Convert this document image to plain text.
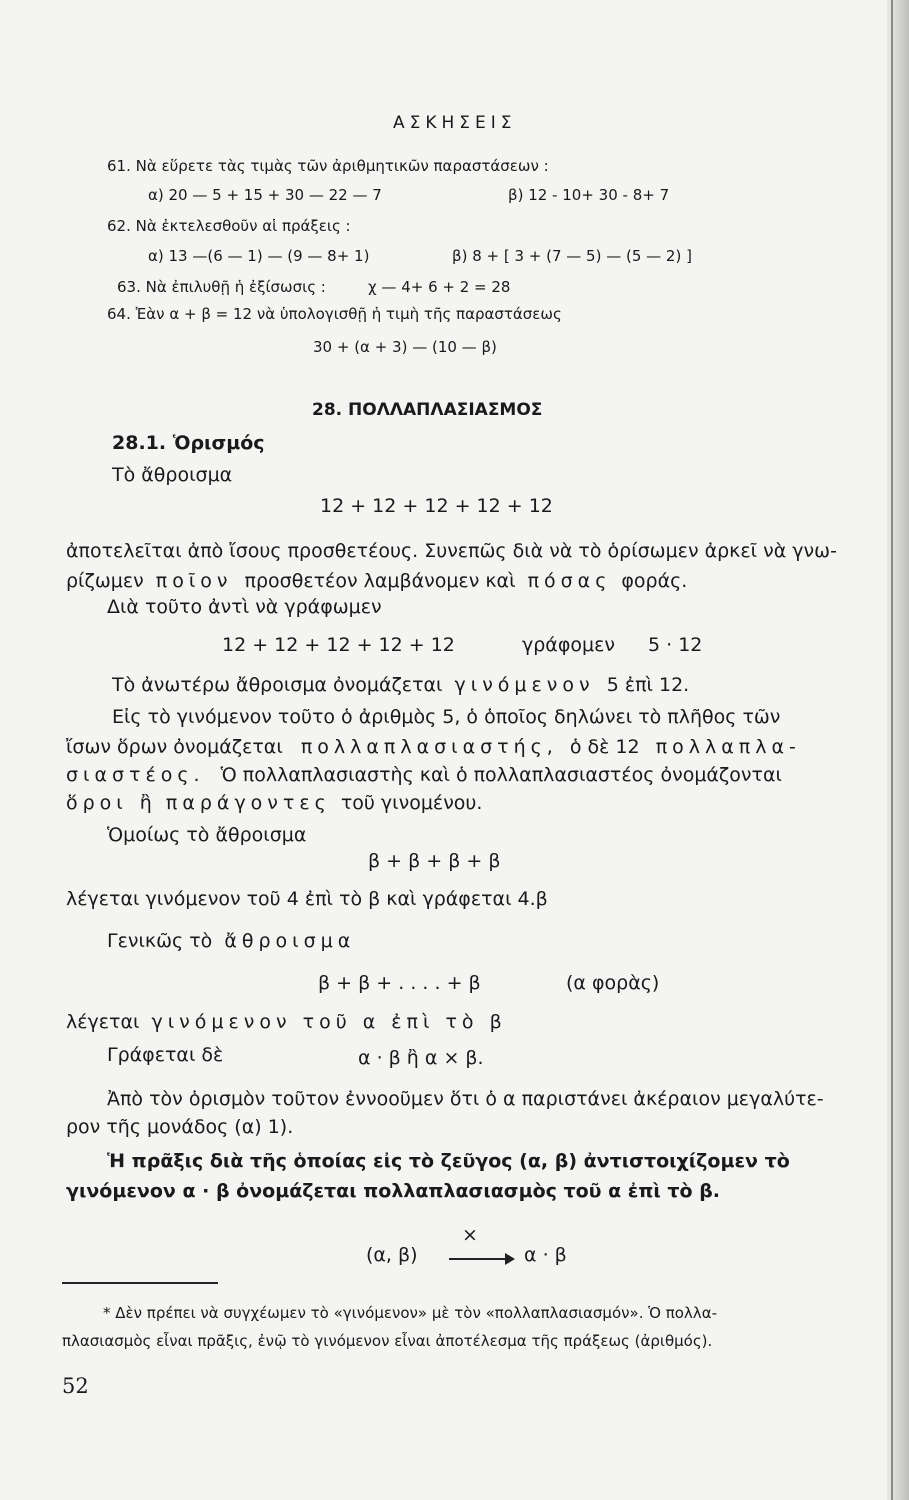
ΑΣΚΗΣΕΙΣ
61. Νὰ εὕρετε τὰς τιμὰς τῶν ἀριθμητικῶν παραστάσεων :
α) 20 — 5 + 15 + 30 — 22 — 7	β) 12 - 10+ 30 - 8+ 7
62. Νὰ ἐκτελεσθοῦν αἱ πράξεις :
α) 13 —(6 — 1) — (9 — 8+ 1)	β) 8 + [ 3 + (7 — 5) — (5 — 2) ]
63. Νὰ ἐπιλυθῇ ἡ ἐξίσωσις :	χ — 4+ 6 + 2 = 28
64. Ἐὰν α + β = 12 νὰ ὑπολογισθῇ ἡ τιμὴ τῆς παραστάσεως
30 + (α + 3) — (10 — β)
28. ΠΟΛΛΑΠΛΑΣΙΑΣΜΟΣ
28.1. Ὁρισμός
Τὸ ἄθροισμα
12 + 12 + 12 + 12 + 12
ἀποτελεῖται ἀπὸ ἴσους προσθετέους. Συνεπῶς διὰ νὰ τὸ ὁρίσωμεν ἀρκεῖ νὰ γνω-
ρίζωμεν ποῖον προσθετέον λαμβάνομεν καὶ πόσας φοράς.
Διὰ τοῦτο ἀντὶ νὰ γράφωμεν
12 + 12 + 12 + 12 + 12	γράφομεν 5 · 12
Τὸ ἀνωτέρω ἄθροισμα ὀνομάζεται γινόμενον 5 ἐπὶ 12.
Εἰς τὸ γινόμενον τοῦτο ὁ ἀριθμὸς 5, ὁ ὁποῖος δηλώνει τὸ πλῆθος τῶν
ἴσων ὅρων ὀνομάζεται πολλαπλασιαστής, ὁ δὲ 12 πολλαπλα-
σιαστέος. Ὁ πολλαπλασιαστὴς καὶ ὁ πολλαπλασιαστέος ὀνομάζονται
ὅροι ἢ παράγοντες τοῦ γινομένου.
Ὁμοίως τὸ ἄθροισμα
β + β + β + β
λέγεται γινόμενον τοῦ 4 ἐπὶ τὸ β καὶ γράφεται 4.β
Γενικῶς τὸ ἄθροισμα
β + β + . . . . + β	(α φορὰς)
λέγεται γινόμενον τοῦ α ἐπὶ τὸ β
Γράφεται δὲ	α · β ἢ α × β.
Ἀπὸ τὸν ὁρισμὸν τοῦτον ἐννοοῦμεν ὅτι ὁ α παριστάνει ἀκέραιον μεγαλύτε-
ρον τῆς μονάδος (α) 1).
Ἡ πρᾶξις διὰ τῆς ὁποίας εἰς τὸ ζεῦγος (α, β) ἀντιστοιχίζομεν τὸ
γινόμενον α · β ὀνομάζεται πολλαπλασιασμὸς τοῦ α ἐπὶ τὸ β.
×
(α, β)	α · β
* Δὲν πρέπει νὰ συγχέωμεν τὸ «γινόμενον» μὲ τὸν «πολλαπλασιασμόν». Ὁ πολλα-
πλασιασμὸς εἶναι πρᾶξις, ἐνῷ τὸ γινόμενον εἶναι ἀποτέλεσμα τῆς πράξεως (ἀριθμός).
52
